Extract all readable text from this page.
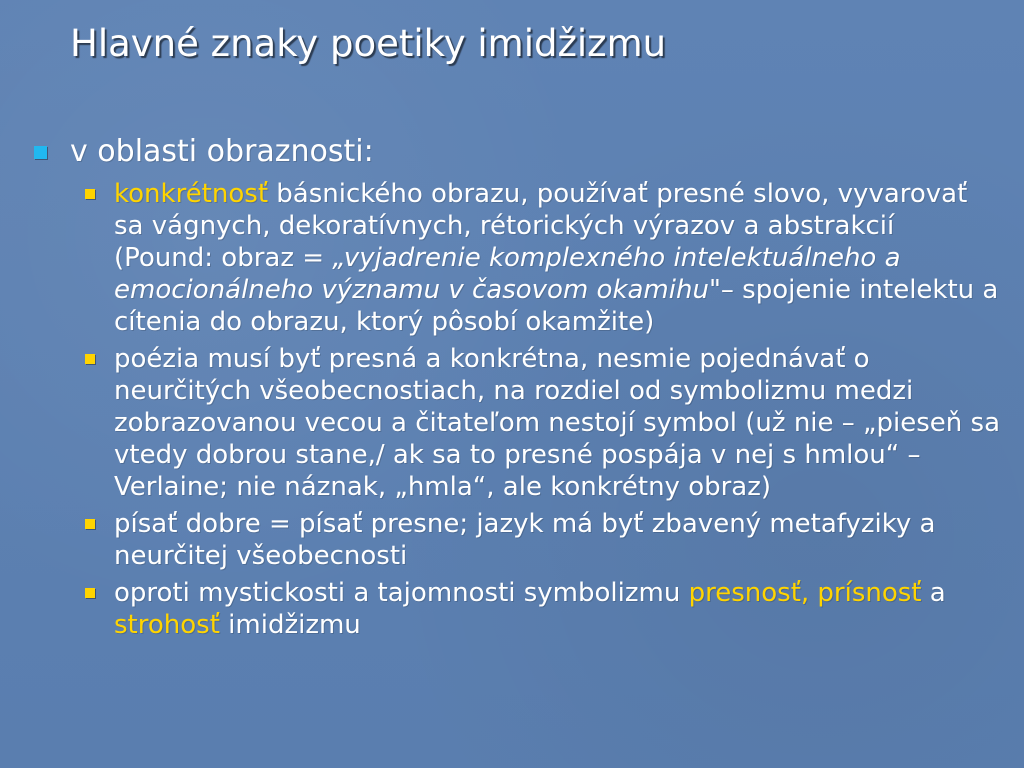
Hlavné znaky poetiky imidžizmu
v oblasti obraznosti:
konkrétnosť básnického obrazu, používať presné slovo, vyvarovať sa vágnych, dekoratívnych, rétorických výrazov a abstrakcií (Pound: obraz = „vyjadrenie komplexného intelektuálneho a emocionálneho významu v časovom okamihu"– spojenie intelektu a cítenia do obrazu, ktorý pôsobí okamžite)
poézia musí byť presná a konkrétna, nesmie pojednávať o neurčitých všeobecnostiach, na rozdiel od symbolizmu medzi zobrazovanou vecou a čitateľom nestojí symbol (už nie – „pieseň sa vtedy dobrou stane,/ ak sa to presné pospája v nej s hmlou“ – Verlaine; nie náznak, „hmla“, ale konkrétny obraz)
písať dobre = písať presne; jazyk má byť zbavený metafyziky a neurčitej všeobecnosti
oproti mystickosti a tajomnosti symbolizmu presnosť, prísnosť a strohosť imidžizmu
